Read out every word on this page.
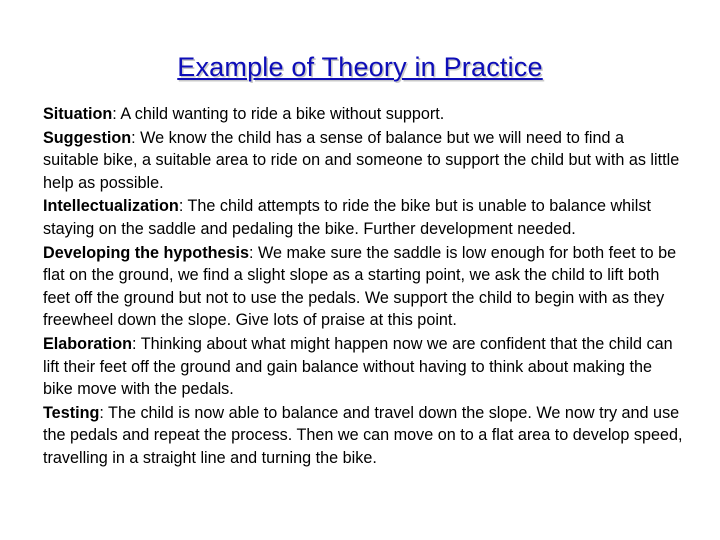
Example of Theory in Practice

Situation: A child wanting to ride a bike without support.

Suggestion: We know the child has a sense of balance but we will need to find a suitable bike, a suitable area to ride on and someone to support the child but with as little help as possible.

Intellectualization: The child attempts to ride the bike but is unable to balance whilst staying on the saddle and pedaling the bike. Further development needed.

Developing the hypothesis: We make sure the saddle is low enough for both feet to be flat on the ground, we find a slight slope as a starting point, we ask the child to lift both feet off the ground but not to use the pedals. We support the child to begin with as they freewheel down the slope. Give lots of praise at this point.

Elaboration: Thinking about what might happen now we are confident that the child can lift their feet off the ground and gain balance without having to think about making the bike move with the pedals.

Testing: The child is now able to balance and travel down the slope. We now try and use the pedals and repeat the process. Then we can move on to a flat area to develop speed, travelling in a straight line and turning the bike.
